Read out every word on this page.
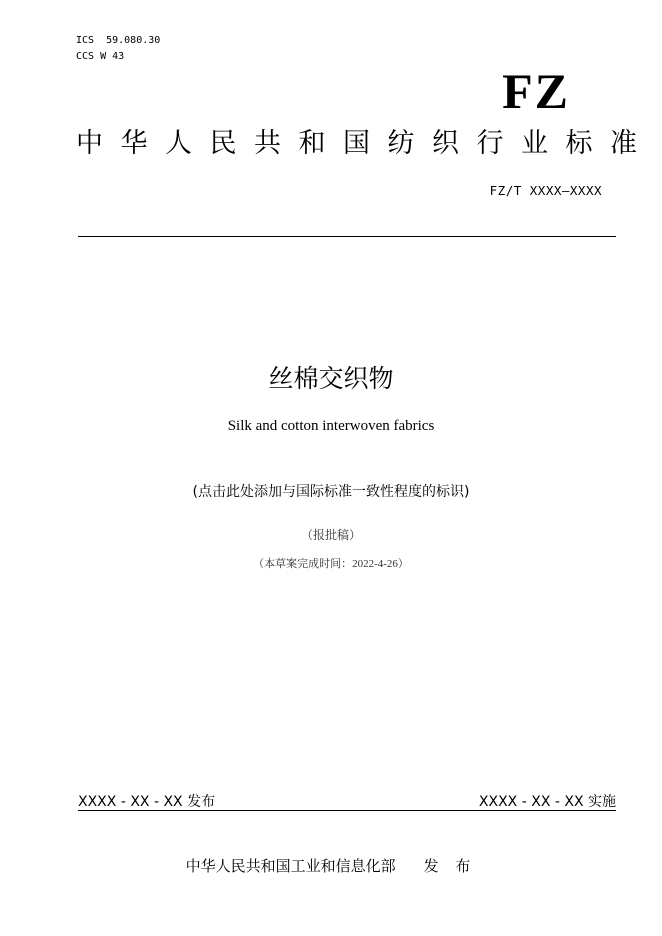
ICS  59.080.30
CCS W 43
FZ
中华人民共和国纺织行业标准
FZ/T XXXX—XXXX
丝棉交织物
Silk and cotton interwoven fabrics
(点击此处添加与国际标准一致性程度的标识)
（报批稿）
（本草案完成时间：2022-4-26）
XXXX - XX - XX 发布	XXXX - XX - XX 实施
中华人民共和国工业和信息化部 发 布
